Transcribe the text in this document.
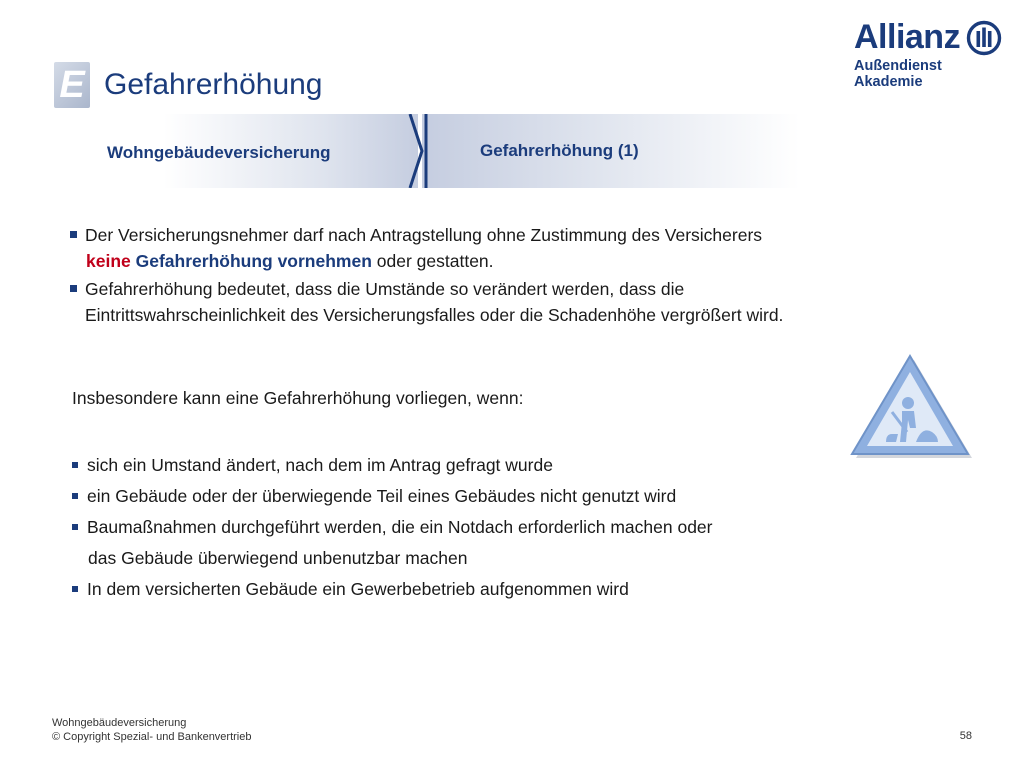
E Gefahrerhöhung
Allianz
Außendienst Akademie
Wohngebäudeversicherung	Gefahrerhöhung (1)
Der Versicherungsnehmer darf nach Antragstellung ohne Zustimmung des Versicherers
keine Gefahrerhöhung vornehmen oder gestatten.
Gefahrerhöhung bedeutet, dass die Umstände so verändert werden, dass die
Eintrittswahrscheinlichkeit des Versicherungsfalles oder die Schadenhöhe vergrößert wird.
Insbesondere kann eine Gefahrerhöhung vorliegen, wenn:
sich ein Umstand ändert, nach dem im Antrag gefragt wurde
ein Gebäude oder der überwiegende Teil eines Gebäudes nicht genutzt wird
Baumaßnahmen durchgeführt werden, die ein Notdach erforderlich machen oder
das Gebäude überwiegend unbenutzbar machen
In dem versicherten Gebäude ein Gewerbebetrieb aufgenommen wird
Wohngebäudeversicherung
© Copyright Spezial- und Bankenvertrieb	58
